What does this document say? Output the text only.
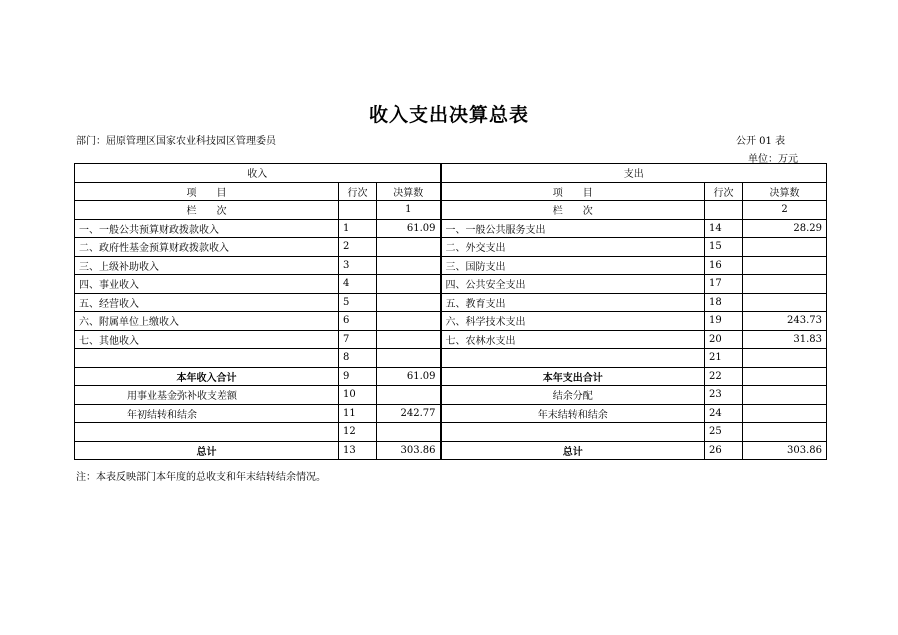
收入支出决算总表
部门：屈原管理区国家农业科技园区管理委员	公开 01 表
单位：万元
收入			支出		
项　　目	行次	决算数	项　　目	行次	决算数
栏　　次		1	栏　　次		2
一、一般公共预算财政拨款收入	1	61.09	一、一般公共服务支出	14	28.29
二、政府性基金预算财政拨款收入	2		二、外交支出	15	
三、上级补助收入	3		三、国防支出	16	
四、事业收入	4		四、公共安全支出	17	
五、经营收入	5		五、教育支出	18	
六、附属单位上缴收入	6		六、科学技术支出	19	243.73
七、其他收入	7		七、农林水支出	20	31.83
	8			21	
本年收入合计	9	61.09	本年支出合计	22	
用事业基金弥补收支差额	10		结余分配	23	
年初结转和结余	11	242.77	年末结转和结余	24	
	12			25	
总计	13	303.86	总计	26	303.86
注：本表反映部门本年度的总收支和年末结转结余情况。
